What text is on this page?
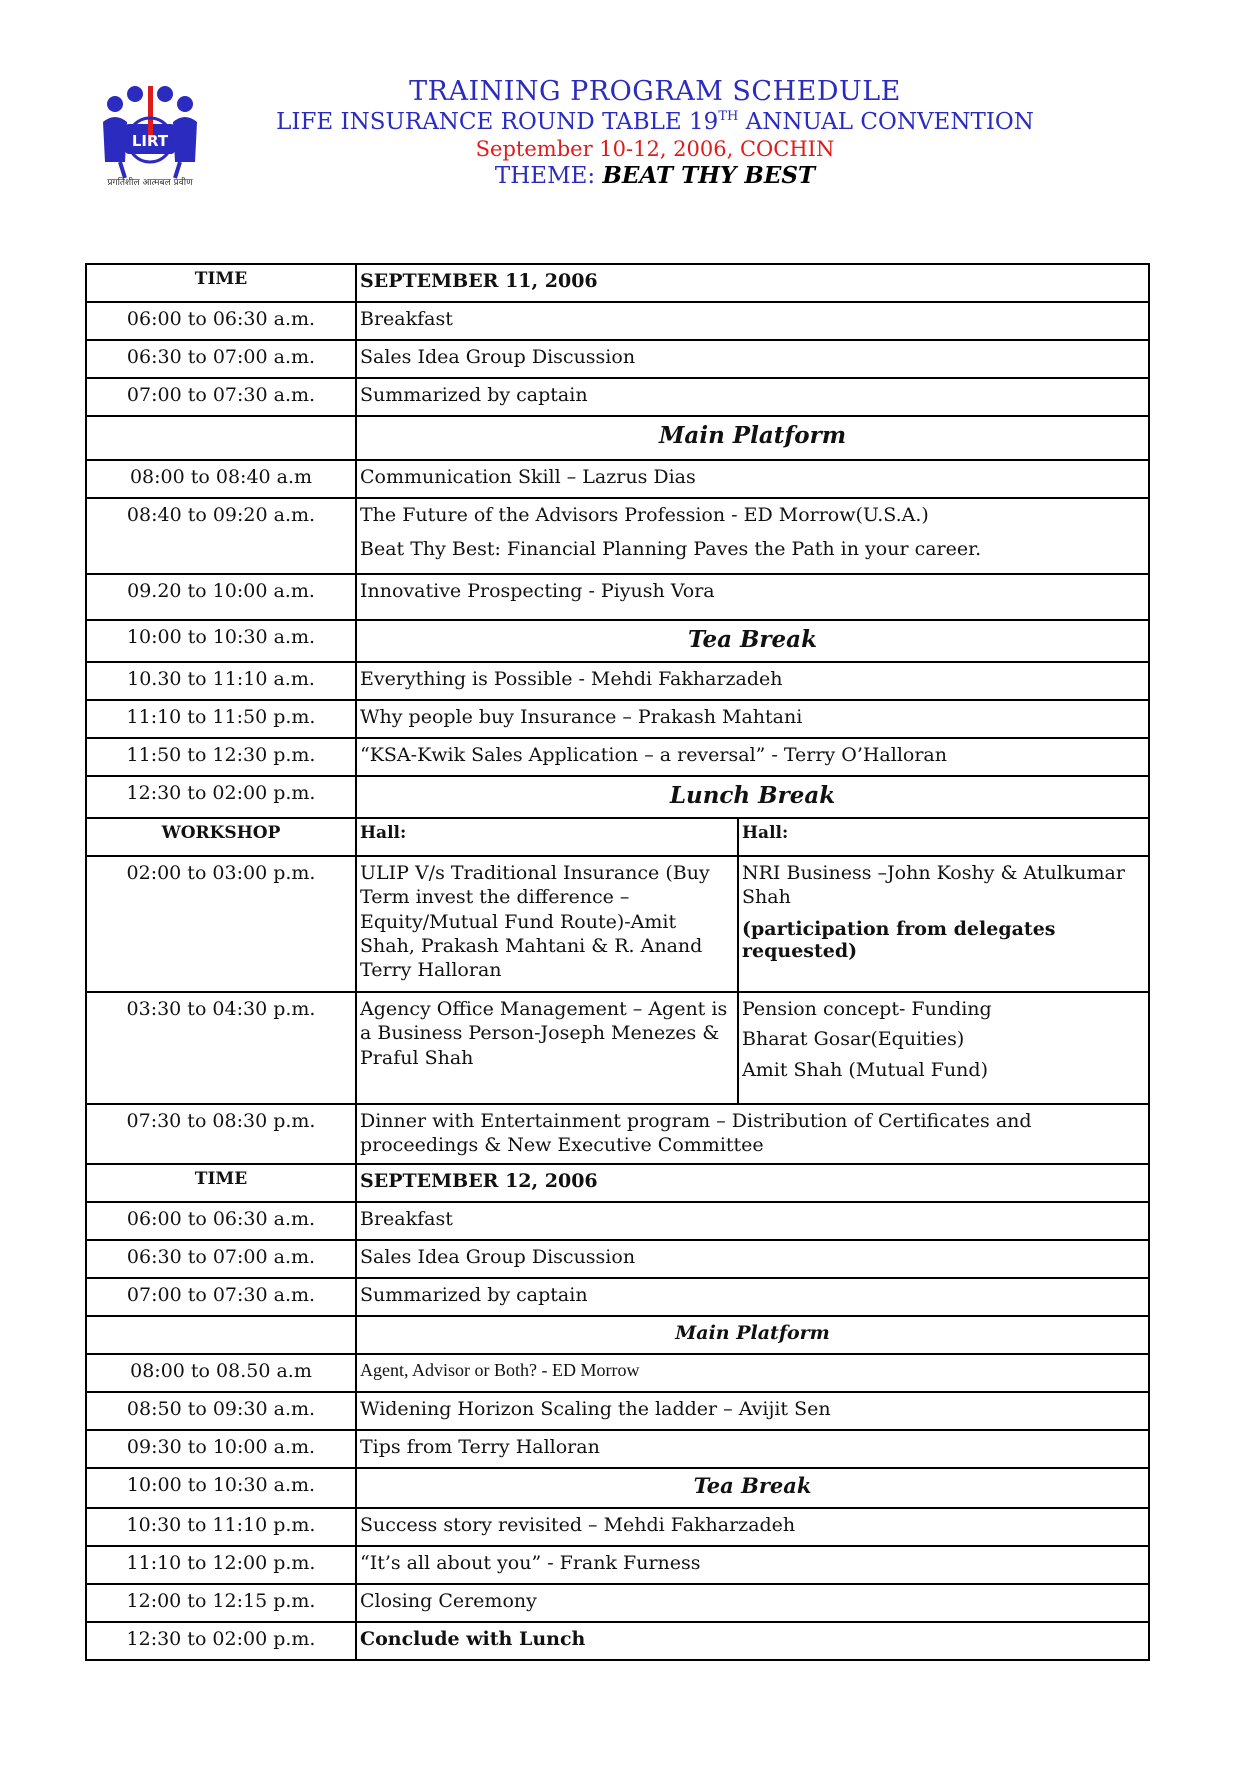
LIRT
प्रगतिशील आत्मबल प्रवीण
TRAINING PROGRAM SCHEDULE
LIFE INSURANCE ROUND TABLE 19TH ANNUAL CONVENTION
September 10-12, 2006, COCHIN
THEME: BEAT THY BEST
TIME	SEPTEMBER 11, 2006	
06:00 to 06:30 a.m.	Breakfast	
06:30 to 07:00 a.m.	Sales Idea Group Discussion	
07:00 to 07:30 a.m.	Summarized by captain	
	Main Platform	
08:00 to 08:40 a.m	Communication Skill – Lazrus Dias	
08:40 to 09:20 a.m.	The Future of the Advisors Profession - ED Morrow(U.S.A.)
Beat Thy Best: Financial Planning Paves the Path in your career.	

09.20 to 10:00 a.m.	Innovative Prospecting - Piyush Vora	
10:00 to 10:30 a.m.	Tea Break	
10.30 to 11:10 a.m.	Everything is Possible - Mehdi Fakharzadeh	
11:10 to 11:50 p.m.	Why people buy Insurance – Prakash Mahtani	
11:50 to 12:30 p.m.	“KSA-Kwik Sales Application – a reversal” - Terry O’Halloran	
12:30 to 02:00 p.m.	Lunch Break	
WORKSHOP	Hall:	Hall:
02:00 to 03:00 p.m.	ULIP V/s Traditional Insurance (Buy Term invest the difference – Equity/Mutual Fund Route)-Amit Shah, Prakash Mahtani & R. Anand Terry Halloran	NRI Business –John Koshy & Atulkumar Shah
(participation from delegates requested)

03:30 to 04:30 p.m.	Agency Office Management – Agent is a Business Person-Joseph Menezes & Praful Shah	Pension concept- Funding
Bharat Gosar(Equities)
Amit Shah (Mutual Fund)

07:30 to 08:30 p.m.	Dinner with Entertainment program – Distribution of Certificates and proceedings & New Executive Committee	
TIME	SEPTEMBER 12, 2006	
06:00 to 06:30 a.m.	Breakfast	
06:30 to 07:00 a.m.	Sales Idea Group Discussion	
07:00 to 07:30 a.m.	Summarized by captain	
	Main Platform	
08:00 to 08.50 a.m	Agent, Advisor or Both? - ED Morrow	
08:50 to 09:30 a.m.	Widening Horizon Scaling the ladder – Avijit Sen	
09:30 to 10:00 a.m.	Tips from Terry Halloran	
10:00 to 10:30 a.m.	Tea Break	
10:30 to 11:10 p.m.	Success story revisited – Mehdi Fakharzadeh	
11:10 to 12:00 p.m.	“It’s all about you” - Frank Furness	
12:00 to 12:15 p.m.	Closing Ceremony	
12:30 to 02:00 p.m.	Conclude with Lunch	
